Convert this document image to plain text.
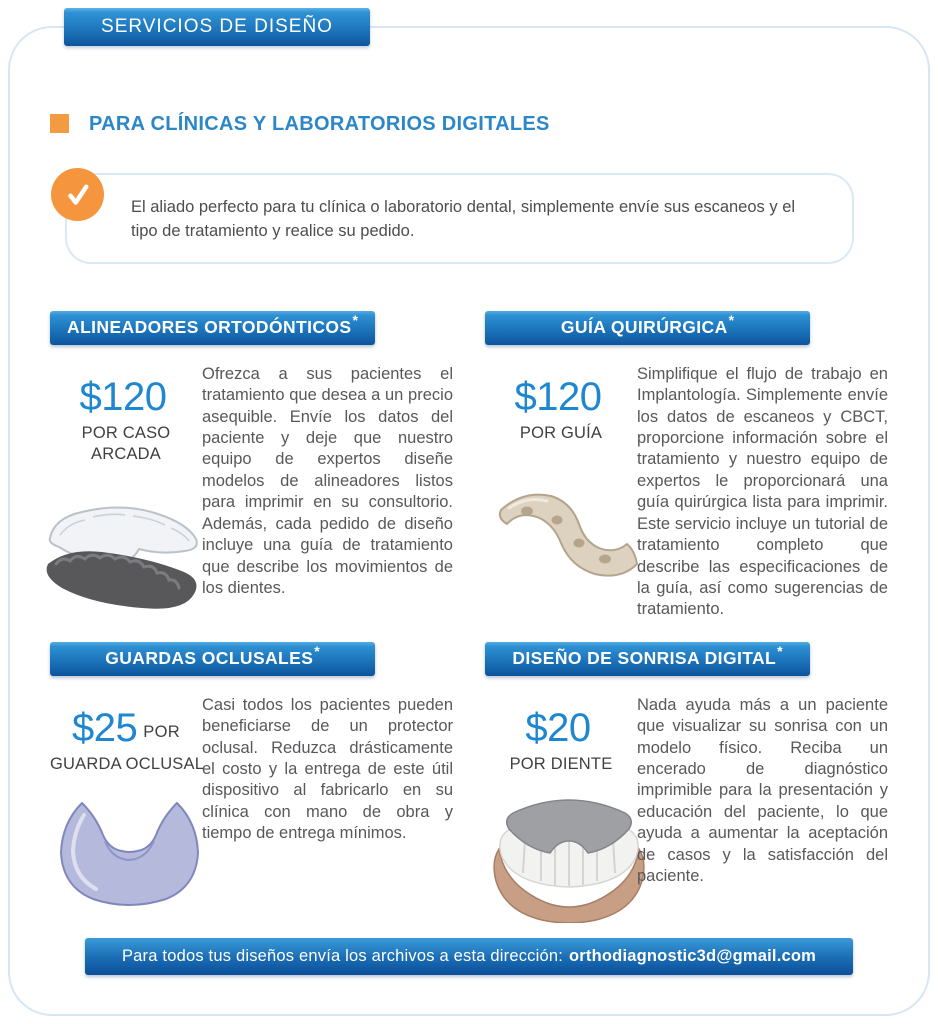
SERVICIOS DE DISEÑO
PARA CLÍNICAS Y LABORATORIOS DIGITALES

El aliado perfecto para tu clínica o laboratorio dental, simplemente envíe sus escaneos y el tipo de tratamiento y realice su pedido.

ALINEADORES ORTODÓNTICOS*
$120
POR CASO ARCADA

Ofrezca a sus pacientes el tratamiento que desea a un precio asequible. Envíe los datos del paciente y deje que nuestro equipo de expertos diseñe modelos de alineadores listos para imprimir en su consultorio. Además, cada pedido de diseño incluye una guía de tratamiento que describe los movimientos de los dientes.

GUÍA QUIRÚRGICA*
$120
POR GUÍA

Simplifique el flujo de trabajo en Implantología. Simplemente envíe los datos de escaneos y CBCT, proporcione información sobre el tratamiento y nuestro equipo de expertos le proporcionará una guía quirúrgica lista para imprimir. Este servicio incluye un tutorial de tratamiento completo que describe las especificaciones de la guía, así como sugerencias de tratamiento.

GUARDAS OCLUSALES*
$25 POR
GUARDA OCLUSAL

Casi todos los pacientes pueden beneficiarse de un protector oclusal. Reduzca drásticamente el costo y la entrega de este útil dispositivo al fabricarlo en su clínica con mano de obra y tiempo de entrega mínimos.

DISEÑO DE SONRISA DIGITAL*
$20
POR DIENTE

Nada ayuda más a un paciente que visualizar su sonrisa con un modelo físico. Reciba un encerado de diagnóstico imprimible para la presentación y educación del paciente, lo que ayuda a aumentar la aceptación de casos y la satisfacción del paciente.

Para todos tus diseños envía los archivos a esta dirección: orthodiagnostic3d@gmail.com
